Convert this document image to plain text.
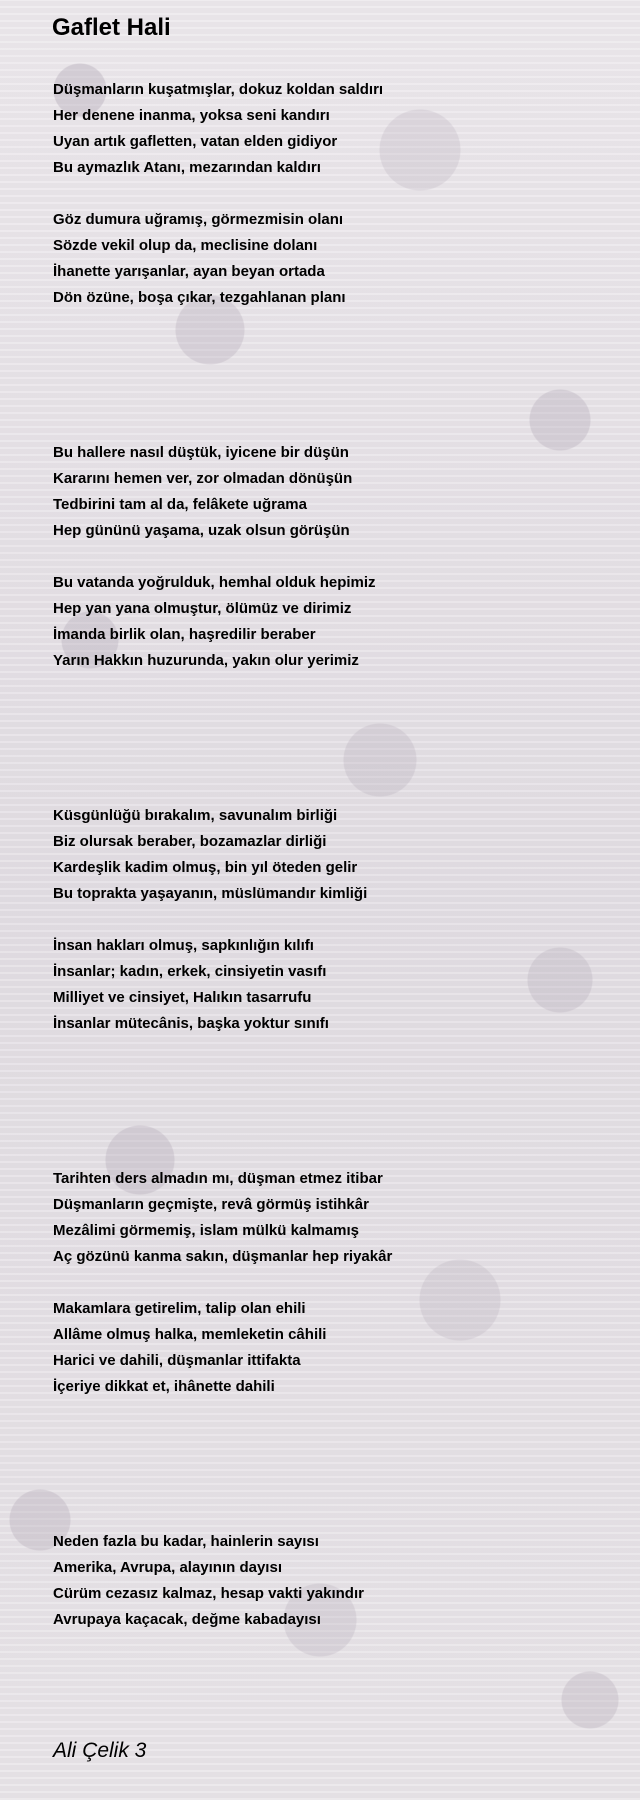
Gaflet Hali
Düşmanların kuşatmışlar, dokuz koldan saldırı
Her denene inanma, yoksa seni kandırı
Uyan artık gafletten, vatan elden gidiyor
Bu aymazlık Atanı, mezarından kaldırı
Göz dumura uğramış, görmezmisin olanı
Sözde vekil olup da, meclisine dolanı
İhanette yarışanlar, ayan beyan ortada
Dön özüne, boşa çıkar, tezgahlanan planı
Bu hallere nasıl düştük, iyicene bir düşün
Kararını hemen ver, zor olmadan dönüşün
Tedbirini tam al da, felâkete uğrama
Hep gününü yaşama, uzak olsun görüşün
Bu vatanda yoğrulduk, hemhal olduk hepimiz
Hep yan yana olmuştur, ölümüz ve dirimiz
İmanda birlik olan, haşredilir beraber
Yarın Hakkın huzurunda, yakın olur yerimiz
Küsgünlüğü bırakalım, savunalım birliği
Biz olursak beraber, bozamazlar dirliği
Kardeşlik kadim olmuş, bin yıl öteden gelir
Bu toprakta yaşayanın, müslümandır kimliği
İnsan hakları olmuş, sapkınlığın kılıfı
İnsanlar; kadın, erkek, cinsiyetin vasıfı
Milliyet ve cinsiyet, Halıkın tasarrufu
İnsanlar mütecânis, başka yoktur sınıfı
Tarihten ders almadın mı, düşman etmez itibar
Düşmanların geçmişte, revâ görmüş istihkâr
Mezâlimi görmemiş, islam mülkü kalmamış
Aç gözünü kanma sakın, düşmanlar hep riyakâr
Makamlara getirelim, talip olan ehili
Allâme olmuş halka, memleketin câhili
Harici ve dahili, düşmanlar ittifakta
İçeriye dikkat et, ihânette dahili
Neden fazla bu kadar, hainlerin sayısı
Amerika, Avrupa, alayının dayısı
Cürüm cezasız kalmaz, hesap vakti yakındır
Avrupaya kaçacak, değme kabadayısı
Ali Çelik 3
